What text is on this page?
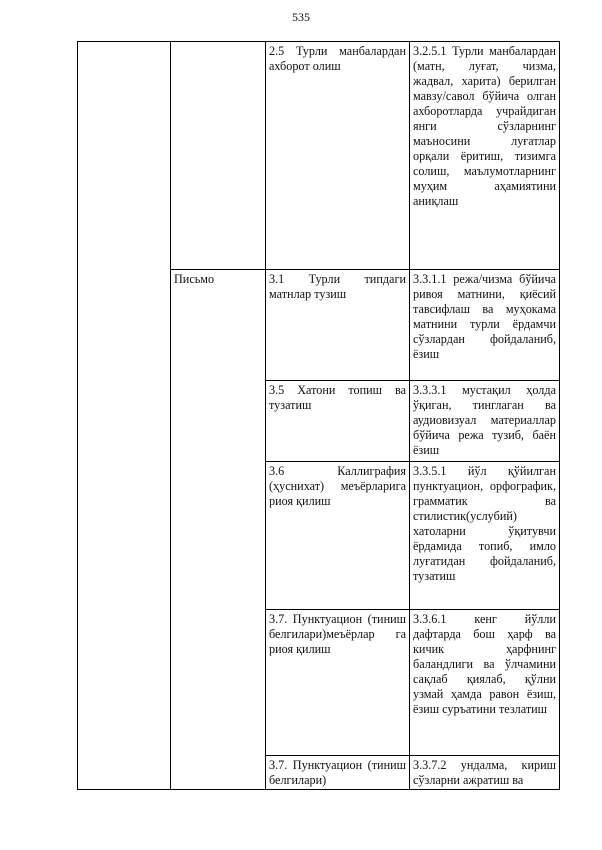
535
		2.5 Турли манбалардан ахборот олиш	3.2.5.1 Турли манбалардан (матн, луғат, чизма, жадвал, харита) берилган мавзу/савол бўйича олган ахборотларда учрайдиган янги сўзларнинг маъносини луғатлар орқали ёритиш, тизимга солиш, маълумотларнинг муҳим аҳамиятини аниқлаш
	Письмо	3.1 Турли типдаги матнлар тузиш	3.3.1.1 режа/чизма бўйича ривоя матнини, қиёсий тавсифлаш ва муҳокама матнини турли ёрдамчи сўзлардан фойдаланиб, ёзиш
		3.5 Хатони топиш ва тузатиш	3.3.3.1 мустақил ҳолда ўқиган, тинглаган ва аудиовизуал материаллар бўйича режа тузиб, баён ёзиш
		3.6 Каллиграфия (ҳуснихат) меъёрларига риоя қилиш	3.3.5.1 йўл қўйилган пунктуацион, орфографик, грамматик ва стилистик(услубий) хатоларни ўқитувчи ёрдамида топиб, имло луғатидан фойдаланиб, тузатиш
		3.7. Пунктуацион (тиниш белгилари)меъёрлар га риоя қилиш	3.3.6.1 кенг йўлли дафтарда бош ҳарф ва кичик ҳарфнинг баландлиги ва ўлчамини сақлаб қиялаб, қўлни узмай ҳамда равон ёзиш, ёзиш суръатини тезлатиш
		3.7. Пунктуацион (тиниш белгилари)	3.3.7.2 ундалма, кириш сўзларни ажратиш ва
